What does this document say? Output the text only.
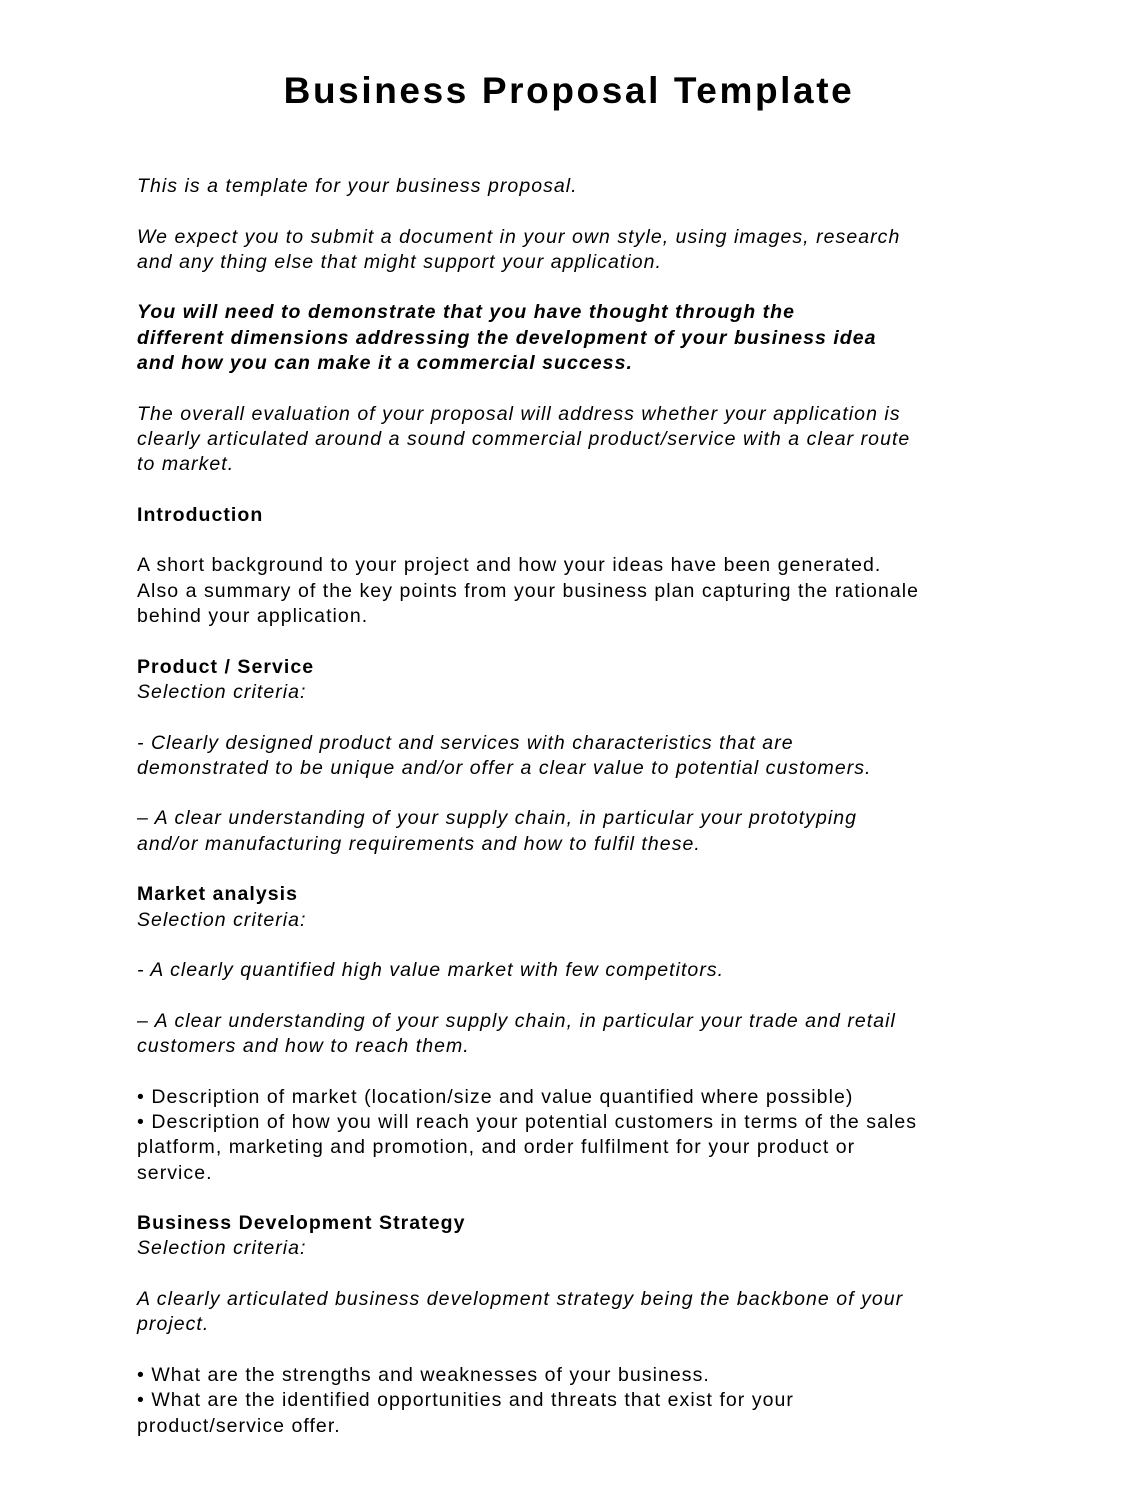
Business Proposal Template
This is a template for your business proposal.
We expect you to submit a document in your own style, using images, research
and any thing else that might support your application.
You will need to demonstrate that you have thought through the
different dimensions addressing the development of your business idea
and how you can make it a commercial success.
The overall evaluation of your proposal will address whether your application is
clearly articulated around a sound commercial product/service with a clear route
to market.
Introduction
A short background to your project and how your ideas have been generated.
Also a summary of the key points from your business plan capturing the rationale
behind your application.
Product / Service
Selection criteria:
- Clearly designed product and services with characteristics that are
demonstrated to be unique and/or offer a clear value to potential customers.
– A clear understanding of your supply chain, in particular your prototyping
and/or manufacturing requirements and how to fulfil these.
Market analysis
Selection criteria:
- A clearly quantified high value market with few competitors.
– A clear understanding of your supply chain, in particular your trade and retail
customers and how to reach them.
• Description of market (location/size and value quantified where possible)
• Description of how you will reach your potential customers in terms of the sales
platform, marketing and promotion, and order fulfilment for your product or
service.
Business Development Strategy
Selection criteria:
A clearly articulated business development strategy being the backbone of your
project.
• What are the strengths and weaknesses of your business.
• What are the identified opportunities and threats that exist for your
product/service offer.
